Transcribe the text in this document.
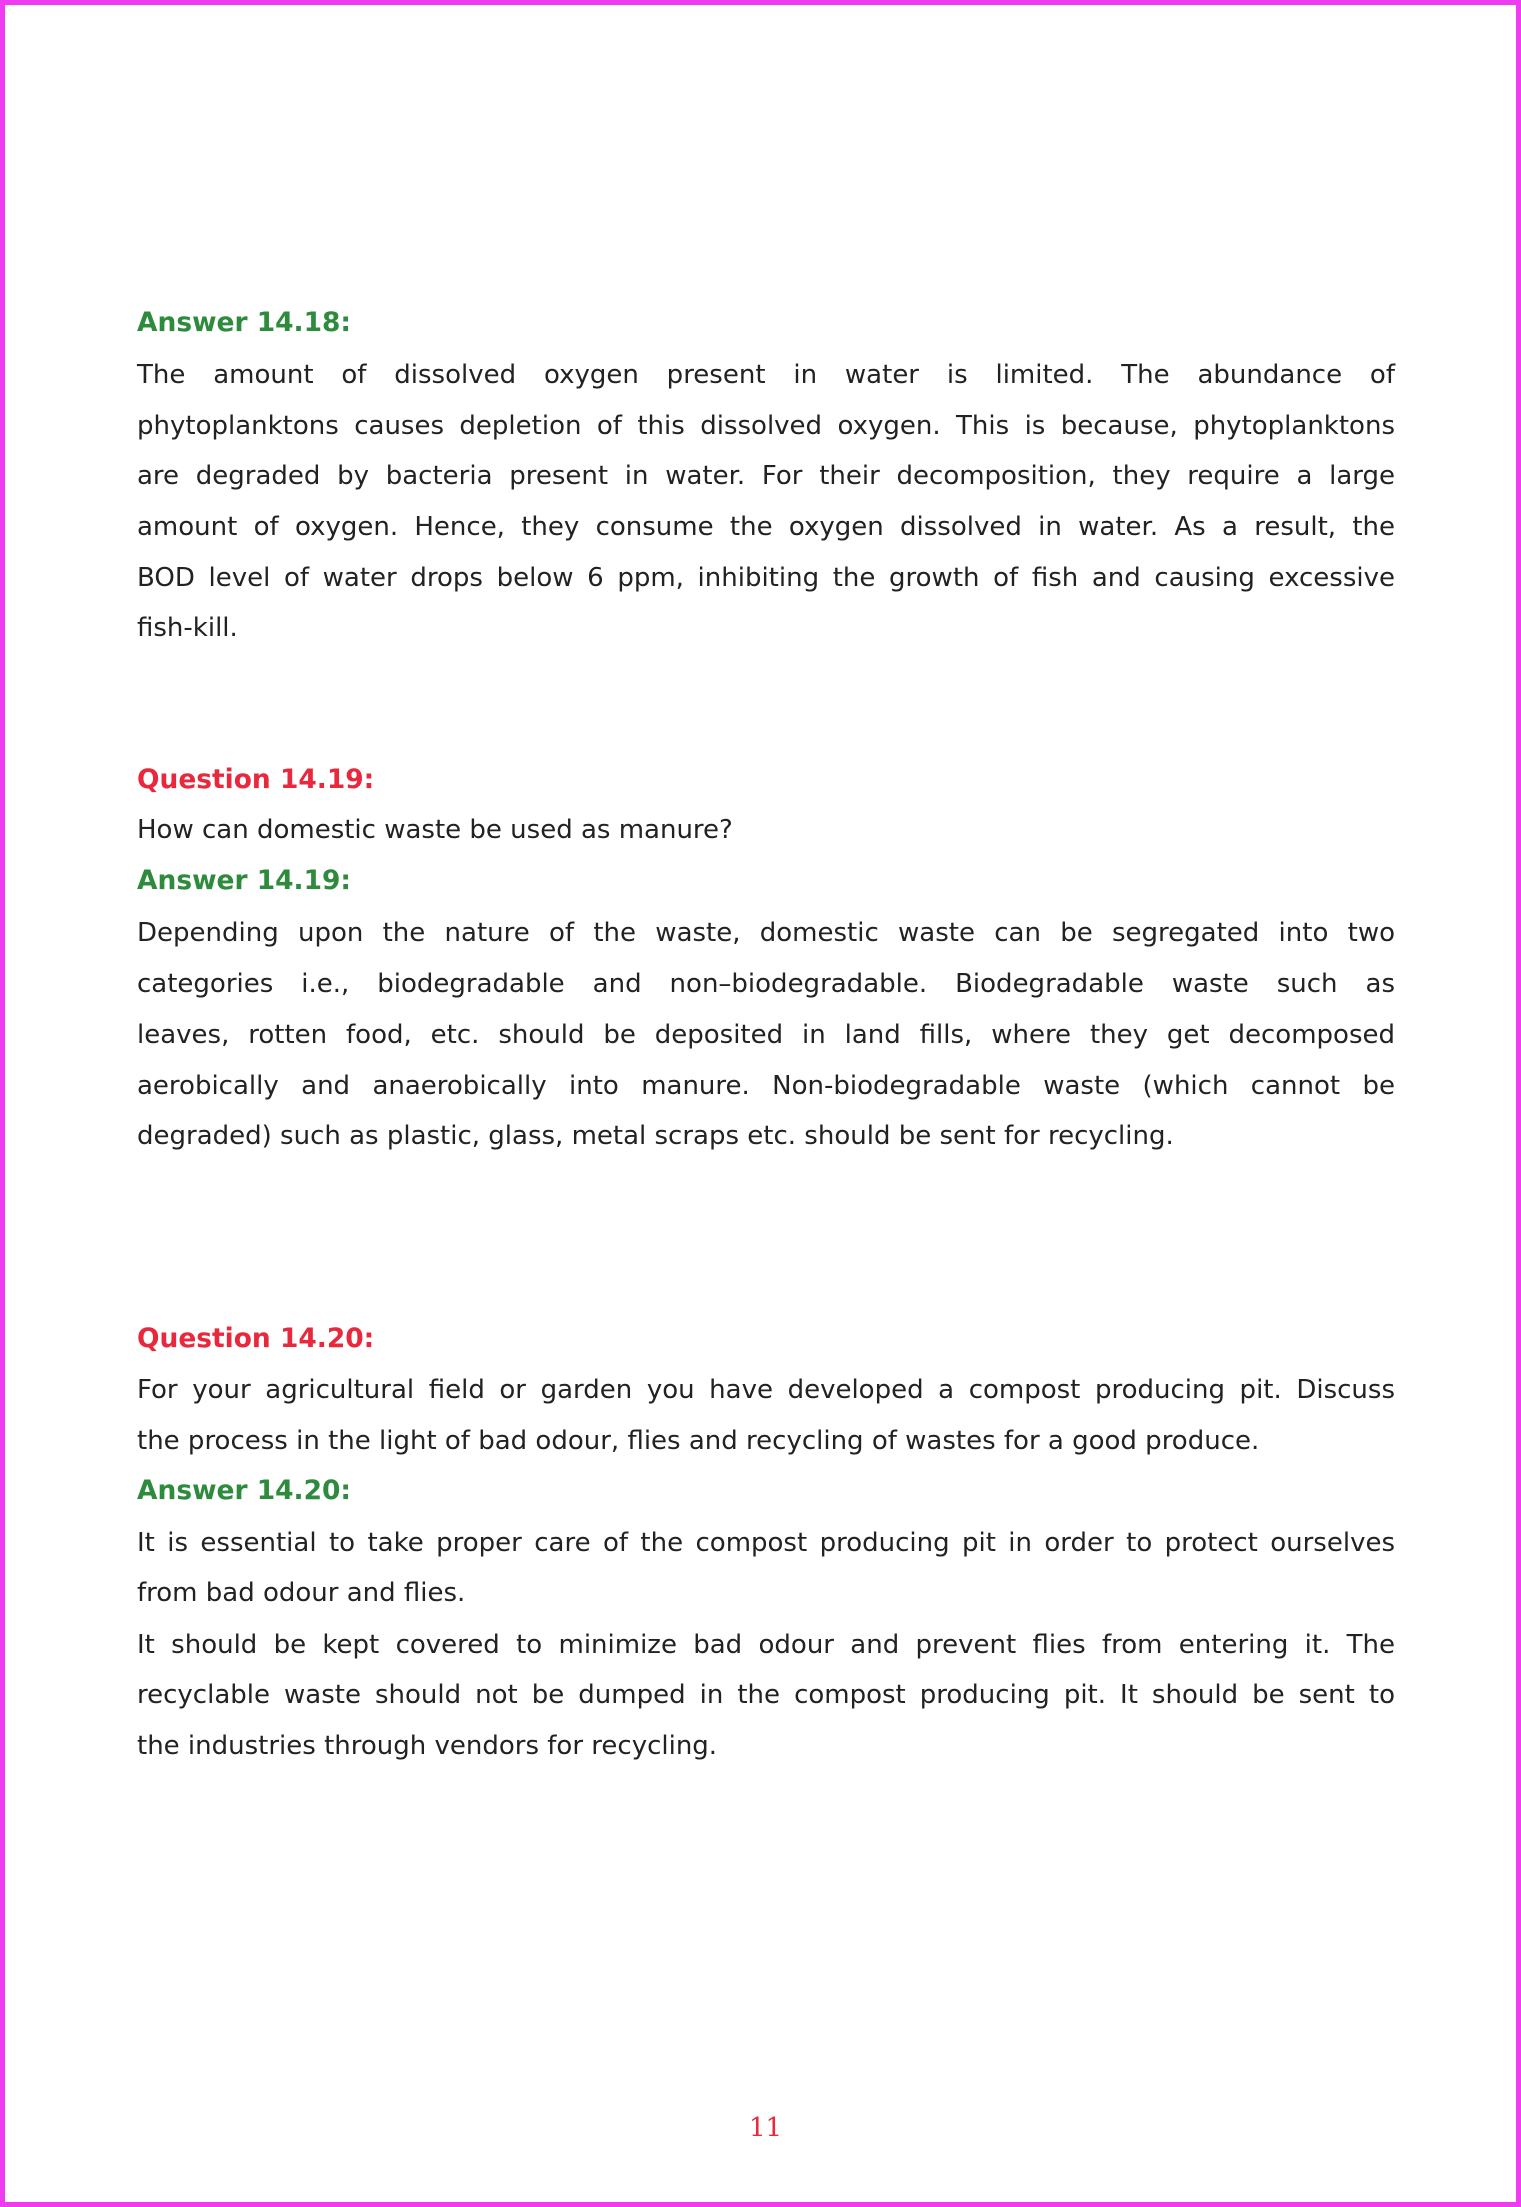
Answer 14.18:
The amount of dissolved oxygen present in water is limited. The abundance of
phytoplanktons causes depletion of this dissolved oxygen. This is because, phytoplanktons
are degraded by bacteria present in water. For their decomposition, they require a large
amount of oxygen. Hence, they consume the oxygen dissolved in water. As a result, the
BOD level of water drops below 6 ppm, inhibiting the growth of fish and causing excessive
fish-kill.
Question 14.19:
How can domestic waste be used as manure?
Answer 14.19:
Depending upon the nature of the waste, domestic waste can be segregated into two
categories i.e., biodegradable and non–biodegradable. Biodegradable waste such as
leaves, rotten food, etc. should be deposited in land fills, where they get decomposed
aerobically and anaerobically into manure. Non-biodegradable waste (which cannot be
degraded) such as plastic, glass, metal scraps etc. should be sent for recycling.
Question 14.20:
For your agricultural field or garden you have developed a compost producing pit. Discuss
the process in the light of bad odour, flies and recycling of wastes for a good produce.
Answer 14.20:
It is essential to take proper care of the compost producing pit in order to protect ourselves
from bad odour and flies.
It should be kept covered to minimize bad odour and prevent flies from entering it. The
recyclable waste should not be dumped in the compost producing pit. It should be sent to
the industries through vendors for recycling.
11
